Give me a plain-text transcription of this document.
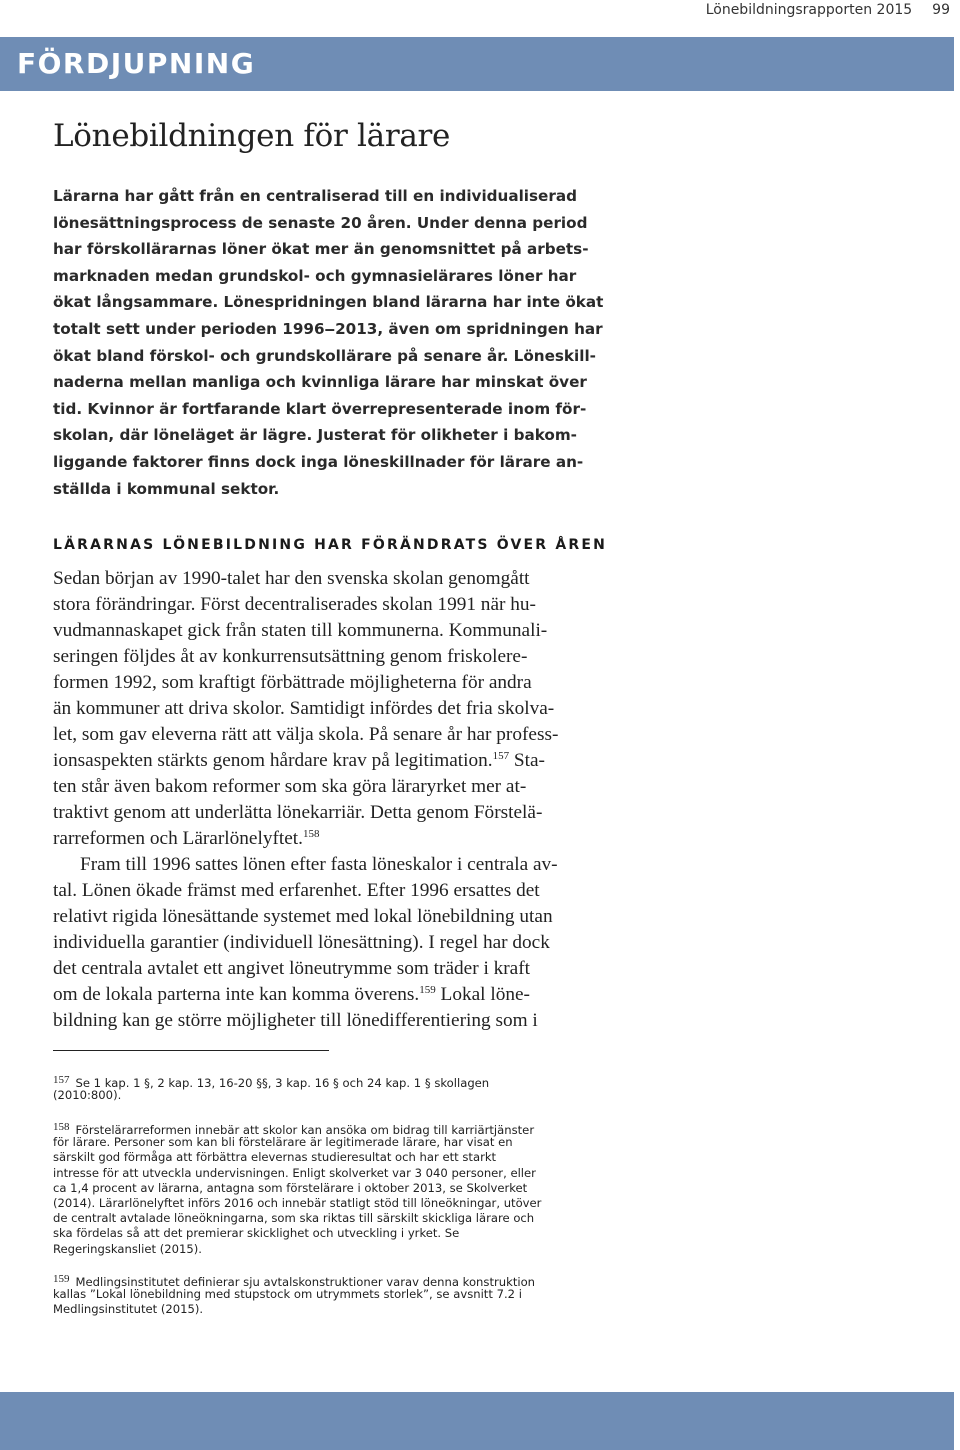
Lönebildningsrapporten 2015 99
FÖRDJUPNING
Lönebildningen för lärare
Lärarna har gått från en centraliserad till en individualiserad
lönesättningsprocess de senaste 20 åren. Under denna period
har förskollärarnas löner ökat mer än genomsnittet på arbets-
marknaden medan grundskol- och gymnasielärares löner har
ökat långsammare. Lönespridningen bland lärarna har inte ökat
totalt sett under perioden 1996‒2013, även om spridningen har
ökat bland förskol- och grundskollärare på senare år. Löneskill-
naderna mellan manliga och kvinnliga lärare har minskat över
tid. Kvinnor är fortfarande klart överrepresenterade inom för-
skolan, där löneläget är lägre. Justerat för olikheter i bakom-
liggande faktorer finns dock inga löneskillnader för lärare an-
ställda i kommunal sektor.
LÄRARNAS LÖNEBILDNING HAR FÖRÄNDRATS ÖVER ÅREN
Sedan början av 1990-talet har den svenska skolan genomgått
stora förändringar. Först decentraliserades skolan 1991 när hu-
vudmannaskapet gick från staten till kommunerna. Kommunali-
seringen följdes åt av konkurrensutsättning genom friskolere-
formen 1992, som kraftigt förbättrade möjligheterna för andra
än kommuner att driva skolor. Samtidigt infördes det fria skolva-
let, som gav eleverna rätt att välja skola. På senare år har profess-
ionsaspekten stärkts genom hårdare krav på legitimation.$^{157}$ Sta-
ten står även bakom reformer som ska göra läraryrket mer at-
traktivt genom att underlätta lönekarriär. Detta genom Förstelä-
rarreformen och Lärarlönelyftet.$^{158}$
Fram till 1996 sattes lönen efter fasta löneskalor i centrala av-
tal. Lönen ökade främst med erfarenhet. Efter 1996 ersattes det
relativt rigida lönesättande systemet med lokal lönebildning utan
individuella garantier (individuell lönesättning). I regel har dock
det centrala avtalet ett angivet löneutrymme som träder i kraft
om de lokala parterna inte kan komma överens.$^{159}$ Lokal löne-
bildning kan ge större möjligheter till lönedifferentiering som i
157 Se 1 kap. 1 §, 2 kap. 13, 16-20 §§, 3 kap. 16 § och 24 kap. 1 § skollagen
(2010:800).
158 Förstelärarreformen innebär att skolor kan ansöka om bidrag till karriärtjänster
för lärare. Personer som kan bli förstelärare är legitimerade lärare, har visat en
särskilt god förmåga att förbättra elevernas studieresultat och har ett starkt
intresse för att utveckla undervisningen. Enligt skolverket var 3 040 personer, eller
ca 1,4 procent av lärarna, antagna som förstelärare i oktober 2013, se Skolverket
(2014). Lärarlönelyftet införs 2016 och innebär statligt stöd till löneökningar, utöver
de centralt avtalade löneökningarna, som ska riktas till särskilt skickliga lärare och
ska fördelas så att det premierar skicklighet och utveckling i yrket. Se
Regeringskansliet (2015).
159 Medlingsinstitutet definierar sju avtalskonstruktioner varav denna konstruktion
kallas ”Lokal lönebildning med stupstock om utrymmets storlek”, se avsnitt 7.2 i
Medlingsinstitutet (2015).
